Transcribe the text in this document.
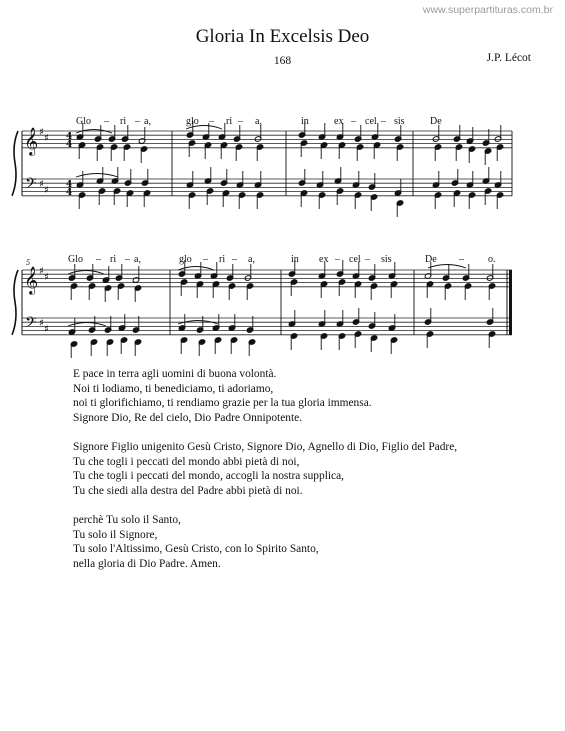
www.superpartituras.com.br
Gloria In Excelsis Deo
168	J.P. Lécot
𝄞
𝄢
♯
♯
♯
♯
4
4
4
4
𝄞
𝄢
♯
♯
♯
♯
Glo – ri – a,	glo – ri – a,	in	ex – cel – sis	De
5	Glo – ri – a,	glo – ri – a,	in ex – cel – sis	De – o.
E pace in terra agli uomini di buona volontà.
Noi ti lodiamo, ti benediciamo, ti adoriamo,
noi ti glorifichiamo, ti rendiamo grazie per la tua gloria immensa.
Signore Dio, Re del cielo, Dio Padre Onnipotente.
Signore Figlio unigenito Gesù Cristo, Signore Dio, Agnello di Dio, Figlio del Padre,
Tu che togli i peccati del mondo abbi pietà di noi,
Tu che togli i peccati del mondo, accogli la nostra supplica,
Tu che siedi alla destra del Padre abbi pietà di noi.
perchè Tu solo il Santo,
Tu solo il Signore,
Tu solo l'Altissimo, Gesù Cristo, con lo Spirito Santo,
nella gloria di Dio Padre. Amen.
